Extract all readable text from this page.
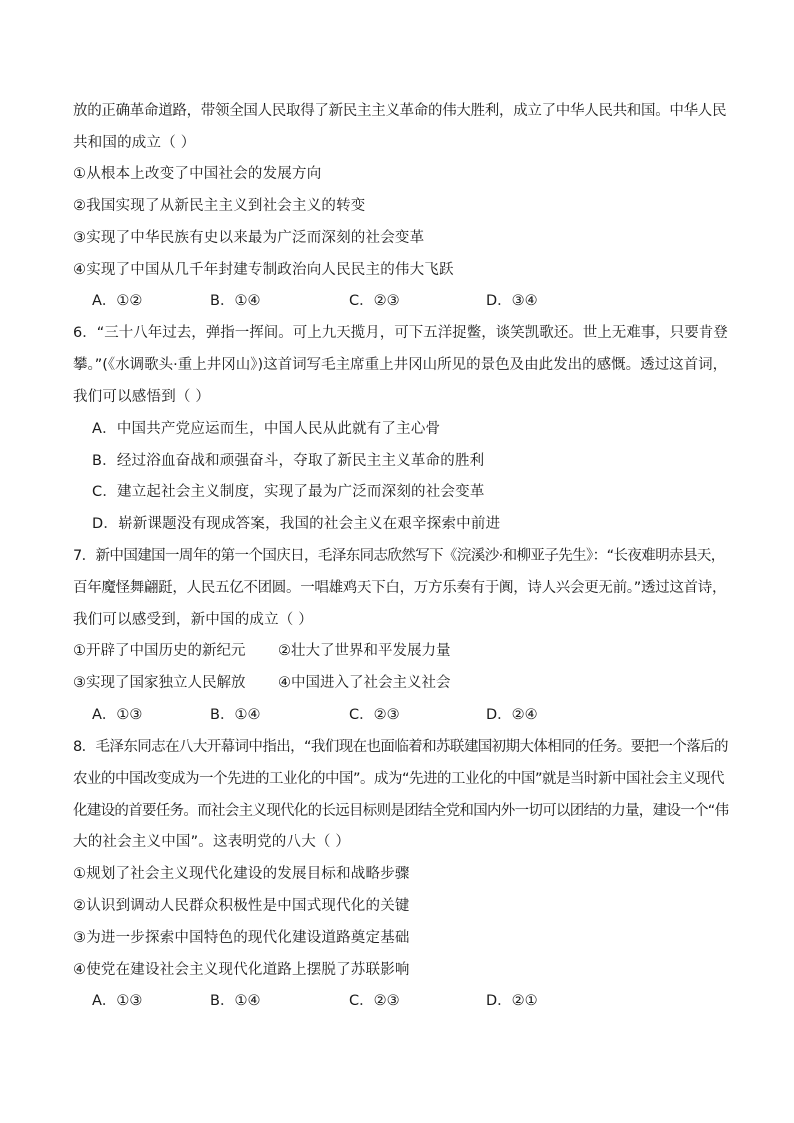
放的正确革命道路，带领全国人民取得了新民主主义革命的伟大胜利，成立了中华人民共和国。中华人民
共和国的成立（ ）
①从根本上改变了中国社会的发展方向
②我国实现了从新民主主义到社会主义的转变
③实现了中华民族有史以来最为广泛而深刻的社会变革
④实现了中国从几千年封建专制政治向人民民主的伟大飞跃
A．①②	B．①④	C．②③	D．③④
6．“三十八年过去，弹指一挥间。可上九天揽月，可下五洋捉鳖，谈笑凯歌还。世上无难事，只要肯登
攀。”(《水调歌头·重上井冈山》)这首词写毛主席重上井冈山所见的景色及由此发出的感慨。透过这首词，
我们可以感悟到（ ）
A．中国共产党应运而生，中国人民从此就有了主心骨
B．经过浴血奋战和顽强奋斗，夺取了新民主主义革命的胜利
C．建立起社会主义制度，实现了最为广泛而深刻的社会变革
D．崭新课题没有现成答案，我国的社会主义在艰辛探索中前进
7．新中国建国一周年的第一个国庆日，毛泽东同志欣然写下《浣溪沙·和柳亚子先生》：“长夜难明赤县天，
百年魔怪舞翩跹，人民五亿不团圆。一唱雄鸡天下白，万方乐奏有于阗，诗人兴会更无前。”透过这首诗，
我们可以感受到，新中国的成立（ ）
①开辟了中国历史的新纪元 ②壮大了世界和平发展力量
③实现了国家独立人民解放 ④中国进入了社会主义社会
A．①③	B．①④	C．②③	D．②④
8．毛泽东同志在八大开幕词中指出，“我们现在也面临着和苏联建国初期大体相同的任务。要把一个落后的
农业的中国改变成为一个先进的工业化的中国”。成为“先进的工业化的中国”就是当时新中国社会主义现代
化建设的首要任务。而社会主义现代化的长远目标则是团结全党和国内外一切可以团结的力量，建设一个“伟
大的社会主义中国”。这表明党的八大（ ）
①规划了社会主义现代化建设的发展目标和战略步骤
②认识到调动人民群众积极性是中国式现代化的关键
③为进一步探索中国特色的现代化建设道路奠定基础
④使党在建设社会主义现代化道路上摆脱了苏联影响
A．①③	B．①④	C．②③	D．②①
